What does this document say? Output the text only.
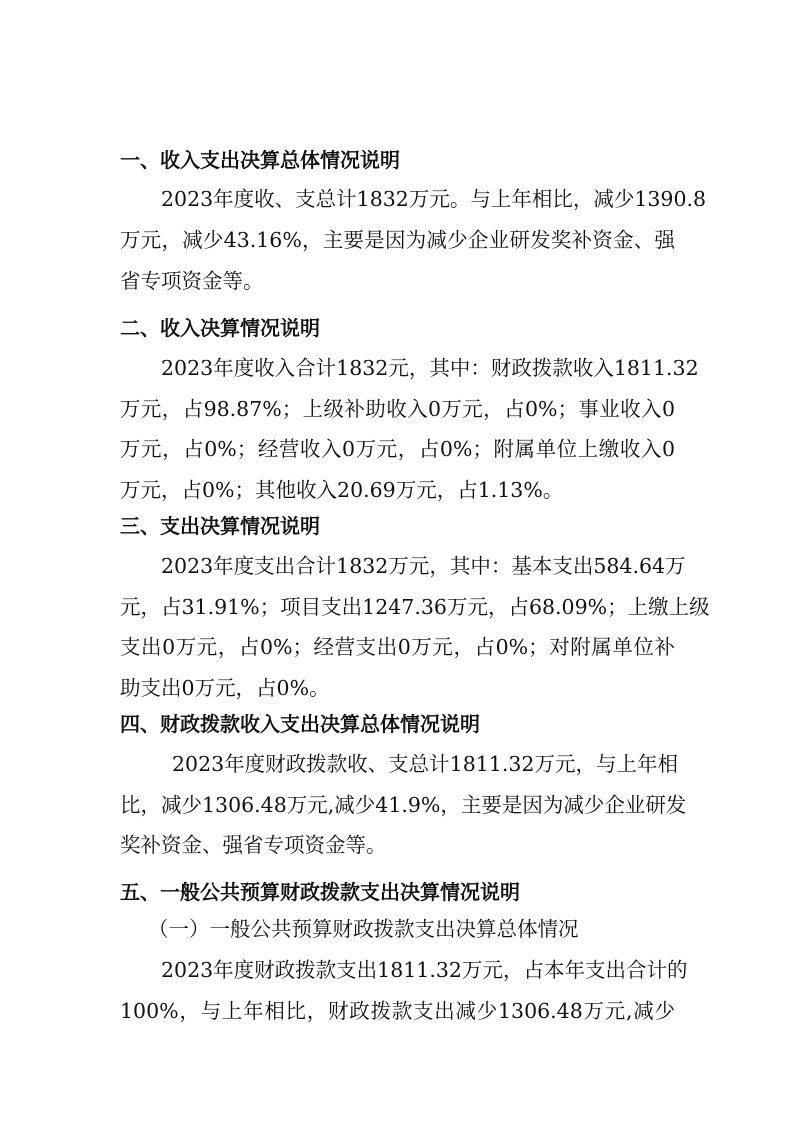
一、收入支出决算总体情况说明
2023年度收、支总计1832万元。与上年相比，减少1390.8
万元，减少43.16%，主要是因为减少企业研发奖补资金、强
省专项资金等。
二、收入决算情况说明
2023年度收入合计1832元，其中：财政拨款收入1811.32
万元，占98.87%；上级补助收入0万元，占0%；事业收入0
万元，占0%；经营收入0万元，占0%；附属单位上缴收入0
万元，占0%；其他收入20.69万元，占1.13%。
三、支出决算情况说明
2023年度支出合计1832万元，其中：基本支出584.64万
元，占31.91%；项目支出1247.36万元，占68.09%；上缴上级
支出0万元，占0%；经营支出0万元，占0%；对附属单位补
助支出0万元，占0%。
四、财政拨款收入支出决算总体情况说明
2023年度财政拨款收、支总计1811.32万元，与上年相
比，减少1306.48万元,减少41.9%，主要是因为减少企业研发
奖补资金、强省专项资金等。
五、一般公共预算财政拨款支出决算情况说明
（一）一般公共预算财政拨款支出决算总体情况
2023年度财政拨款支出1811.32万元，占本年支出合计的
100%，与上年相比，财政拨款支出减少1306.48万元,减少
